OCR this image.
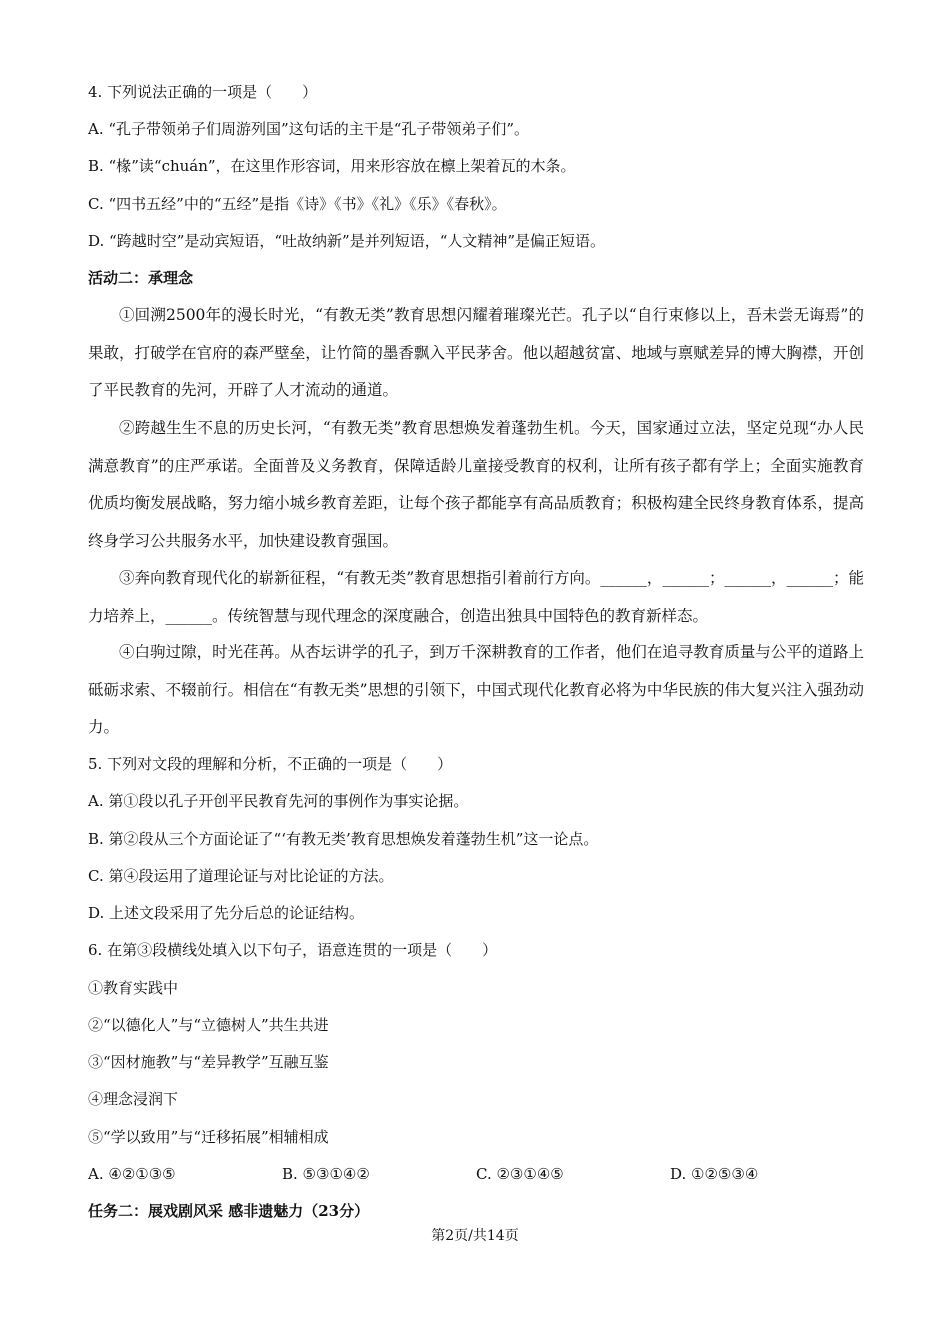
4. 下列说法正确的一项是（　　）
A. “孔子带领弟子们周游列国”这句话的主干是“孔子带领弟子们”。
B. “椽”读“chuán”，在这里作形容词，用来形容放在檩上架着瓦的木条。
C. “四书五经”中的“五经”是指《诗》《书》《礼》《乐》《春秋》。
D. “跨越时空”是动宾短语，“吐故纳新”是并列短语，“人文精神”是偏正短语。
活动二：承理念
①回溯2500年的漫长时光，“有教无类”教育思想闪耀着璀璨光芒。孔子以“自行束修以上，吾未尝无诲焉”的果敢，打破学在官府的森严壁垒，让竹简的墨香飘入平民茅舍。他以超越贫富、地域与禀赋差异的博大胸襟，开创了平民教育的先河，开辟了人才流动的通道。
②跨越生生不息的历史长河，“有教无类”教育思想焕发着蓬勃生机。今天，国家通过立法，坚定兑现“办人民满意教育”的庄严承诺。全面普及义务教育，保障适龄儿童接受教育的权利，让所有孩子都有学上；全面实施教育优质均衡发展战略，努力缩小城乡教育差距，让每个孩子都能享有高品质教育；积极构建全民终身教育体系，提高终身学习公共服务水平，加快建设教育强国。
③奔向教育现代化的崭新征程，“有教无类”教育思想指引着前行方向。______，______；______，______；能力培养上，______。传统智慧与现代理念的深度融合，创造出独具中国特色的教育新样态。
④白驹过隙，时光荏苒。从杏坛讲学的孔子，到万千深耕教育的工作者，他们在追寻教育质量与公平的道路上砥砺求索、不辍前行。相信在“有教无类”思想的引领下，中国式现代化教育必将为中华民族的伟大复兴注入强劲动力。
5. 下列对文段的理解和分析，不正确的一项是（　　）
A. 第①段以孔子开创平民教育先河的事例作为事实论据。
B. 第②段从三个方面论证了“‘有教无类’教育思想焕发着蓬勃生机”这一论点。
C. 第④段运用了道理论证与对比论证的方法。
D. 上述文段采用了先分后总的论证结构。
6. 在第③段横线处填入以下句子，语意连贯的一项是（　　）
①教育实践中
②“以德化人”与“立德树人”共生共进
③“因材施教”与“差异教学”互融互鉴
④理念浸润下
⑤“学以致用”与“迁移拓展”相辅相成
A. ④②①③⑤	B. ⑤③①④②	C. ②③①④⑤	D. ①②⑤③④
任务二：展戏剧风采 感非遗魅力（23分）
第2页/共14页
